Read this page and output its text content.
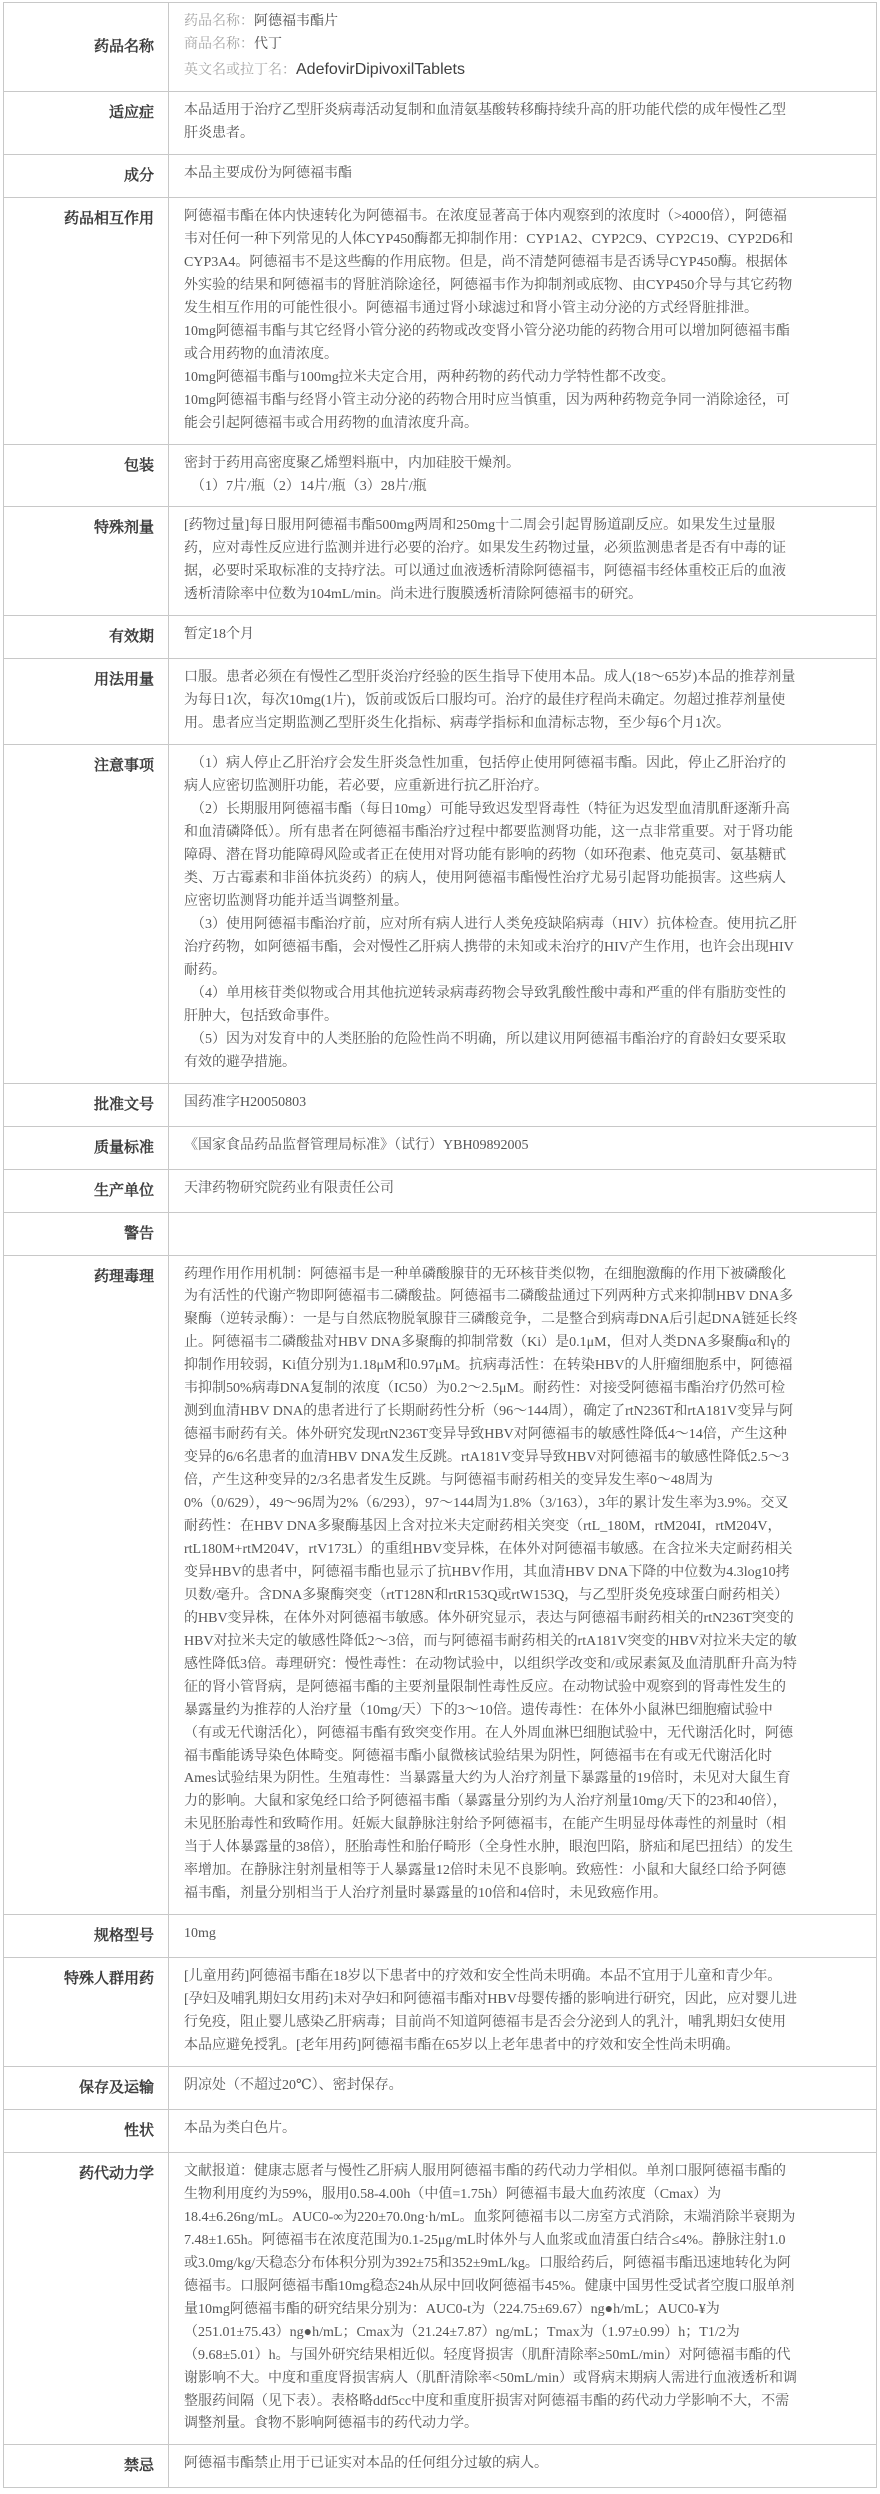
药品名称

药品名称：阿德福韦酯片

商品名称：代丁

英文名或拉丁名：AdefovirDipivoxilTablets

适应症 本品适用于治疗乙型肝炎病毒活动复制和血清氨基酸转移酶持续升高的肝功能代偿的成年慢性乙型肝炎患者。

成分 本品主要成份为阿德福韦酯

药品相互作用 阿德福韦酯在体内快速转化为阿德福韦。在浓度显著高于体内观察到的浓度时（>4000倍），阿德福韦对任何一种下列常见的人体CYP450酶都无抑制作用：CYP1A2、CYP2C9、CYP2C19、CYP2D6和CYP3A4。阿德福韦不是这些酶的作用底物。但是，尚不清楚阿德福韦是否诱导CYP450酶。根据体外实验的结果和阿德福韦的肾脏消除途径，阿德福韦作为抑制剂或底物、由CYP450介导与其它药物发生相互作用的可能性很小。阿德福韦通过肾小球滤过和肾小管主动分泌的方式经肾脏排泄。

10mg阿德福韦酯与其它经肾小管分泌的药物或改变肾小管分泌功能的药物合用可以增加阿德福韦酯或合用药物的血清浓度。

10mg阿德福韦酯与100mg拉米夫定合用，两种药物的药代动力学特性都不改变。

10mg阿德福韦酯与经肾小管主动分泌的药物合用时应当慎重，因为两种药物竞争同一消除途径，可能会引起阿德福韦或合用药物的血清浓度升高。

包装 密封于药用高密度聚乙烯塑料瓶中，内加硅胶干燥剂。

　（1）7片/瓶（2）14片/瓶（3）28片/瓶

特殊剂量 [药物过量]每日服用阿德福韦酯500mg两周和250mg十二周会引起胃肠道副反应。如果发生过量服药，应对毒性反应进行监测并进行必要的治疗。如果发生药物过量，必须监测患者是否有中毒的证据，必要时采取标准的支持疗法。可以通过血液透析清除阿德福韦，阿德福韦经体重校正后的血液透析清除率中位数为104mL/min。尚未进行腹膜透析清除阿德福韦的研究。

有效期 暂定18个月

用法用量 口服。患者必须在有慢性乙型肝炎治疗经验的医生指导下使用本品。成人(18～65岁)本品的推荐剂量为每日1次，每次10mg(1片)，饭前或饭后口服均可。治疗的最佳疗程尚未确定。勿超过推荐剂量使用。患者应当定期监测乙型肝炎生化指标、病毒学指标和血清标志物，至少每6个月1次。

注意事项 　（1）病人停止乙肝治疗会发生肝炎急性加重，包括停止使用阿德福韦酯。因此，停止乙肝治疗的病人应密切监测肝功能，若必要，应重新进行抗乙肝治疗。

　（2）长期服用阿德福韦酯（每日10mg）可能导致迟发型肾毒性（特征为迟发型血清肌酐逐渐升高和血清磷降低）。所有患者在阿德福韦酯治疗过程中都要监测肾功能，这一点非常重要。对于肾功能障碍、潜在肾功能障碍风险或者正在使用对肾功能有影响的药物（如环孢素、他克莫司、氨基糖甙类、万古霉素和非甾体抗炎药）的病人，使用阿德福韦酯慢性治疗尤易引起肾功能损害。这些病人应密切监测肾功能并适当调整剂量。

　（3）使用阿德福韦酯治疗前，应对所有病人进行人类免疫缺陷病毒（HIV）抗体检查。使用抗乙肝治疗药物，如阿德福韦酯，会对慢性乙肝病人携带的未知或未治疗的HIV产生作用，也许会出现HIV耐药。

　（4）单用核苷类似物或合用其他抗逆转录病毒药物会导致乳酸性酸中毒和严重的伴有脂肪变性的肝肿大，包括致命事件。

　（5）因为对发育中的人类胚胎的危险性尚不明确，所以建议用阿德福韦酯治疗的育龄妇女要采取有效的避孕措施。

批准文号 国药准字H20050803

质量标准 《国家食品药品监督管理局标准》（试行）YBH09892005

生产单位 天津药物研究院药业有限责任公司

警告
药理毒理 药理作用作用机制：阿德福韦是一种单磷酸腺苷的无环核苷类似物，在细胞激酶的作用下被磷酸化为有活性的代谢产物即阿德福韦二磷酸盐。阿德福韦二磷酸盐通过下列两种方式来抑制HBV DNA多聚酶（逆转录酶）：一是与自然底物脱氧腺苷三磷酸竞争，二是整合到病毒DNA后引起DNA链延长终止。阿德福韦二磷酸盐对HBV DNA多聚酶的抑制常数（Ki）是0.1μM，但对人类DNA多聚酶α和γ的抑制作用较弱，Ki值分别为1.18μM和0.97μM。抗病毒活性：在转染HBV的人肝瘤细胞系中，阿德福韦抑制50%病毒DNA复制的浓度（IC50）为0.2～2.5μM。耐药性：对接受阿德福韦酯治疗仍然可检测到血清HBV DNA的患者进行了长期耐药性分析（96～144周），确定了rtN236T和rtA181V变异与阿德福韦耐药有关。体外研究发现rtN236T变异导致HBV对阿德福韦的敏感性降低4～14倍，产生这种变异的6/6名患者的血清HBV DNA发生反跳。rtA181V变异导致HBV对阿德福韦的敏感性降低2.5～3倍，产生这种变异的2/3名患者发生反跳。与阿德福韦耐药相关的变异发生率0～48周为0%（0/629），49～96周为2%（6/293），97～144周为1.8%（3/163），3年的累计发生率为3.9%。交叉耐药性：在HBV DNA多聚酶基因上含对拉米夫定耐药相关突变（rtL_180M，rtM204I，rtM204V，rtL180M+rtM204V，rtV173L）的重组HBV变异株，在体外对阿德福韦敏感。在含拉米夫定耐药相关变异HBV的患者中，阿德福韦酯也显示了抗HBV作用，其血清HBV DNA下降的中位数为4.3log10拷贝数/毫升。含DNA多聚酶突变（rtT128N和rtR153Q或rtW153Q，与乙型肝炎免疫球蛋白耐药相关）的HBV变异株，在体外对阿德福韦敏感。体外研究显示，表达与阿德福韦耐药相关的rtN236T突变的HBV对拉米夫定的敏感性降低2～3倍，而与阿德福韦耐药相关的rtA181V突变的HBV对拉米夫定的敏感性降低3倍。毒理研究：慢性毒性：在动物试验中，以组织学改变和/或尿素氮及血清肌酐升高为特征的肾小管肾病，是阿德福韦酯的主要剂量限制性毒性反应。在动物试验中观察到的肾毒性发生的暴露量约为推荐的人治疗量（10mg/天）下的3～10倍。遗传毒性：在体外小鼠淋巴细胞瘤试验中（有或无代谢活化），阿德福韦酯有致突变作用。在人外周血淋巴细胞试验中，无代谢活化时，阿德福韦酯能诱导染色体畸变。阿德福韦酯小鼠微核试验结果为阴性，阿德福韦在有或无代谢活化时Ames试验结果为阴性。生殖毒性：当暴露量大约为人治疗剂量下暴露量的19倍时，未见对大鼠生育力的影响。大鼠和家兔经口给予阿德福韦酯（暴露量分别约为人治疗剂量10mg/天下的23和40倍），未见胚胎毒性和致畸作用。妊娠大鼠静脉注射给予阿德福韦，在能产生明显母体毒性的剂量时（相当于人体暴露量的38倍），胚胎毒性和胎仔畸形（全身性水肿，眼泡凹陷，脐疝和尾巴扭结）的发生率增加。在静脉注射剂量相等于人暴露量12倍时未见不良影响。致癌性：小鼠和大鼠经口给予阿德福韦酯，剂量分别相当于人治疗剂量时暴露量的10倍和4倍时，未见致癌作用。

规格型号 10mg

特殊人群用药 [儿童用药]阿德福韦酯在18岁以下患者中的疗效和安全性尚未明确。本品不宜用于儿童和青少年。[孕妇及哺乳期妇女用药]未对孕妇和阿德福韦酯对HBV母婴传播的影响进行研究，因此，应对婴儿进行免疫，阻止婴儿感染乙肝病毒；目前尚不知道阿德福韦是否会分泌到人的乳汁，哺乳期妇女使用本品应避免授乳。[老年用药]阿德福韦酯在65岁以上老年患者中的疗效和安全性尚未明确。

保存及运输 阴凉处（不超过20℃）、密封保存。

性状 本品为类白色片。

药代动力学 文献报道：健康志愿者与慢性乙肝病人服用阿德福韦酯的药代动力学相似。单剂口服阿德福韦酯的生物利用度约为59%，服用0.58-4.00h（中值=1.75h）阿德福韦最大血药浓度（Cmax）为18.4±6.26ng/mL。AUC0-∞为220±70.0ng·h/mL。血浆阿德福韦以二房室方式消除，末端消除半衰期为7.48±1.65h。阿德福韦在浓度范围为0.1-25μg/mL时体外与人血浆或血清蛋白结合≤4%。静脉注射1.0或3.0mg/kg/天稳态分布体积分别为392±75和352±9mL/kg。口服给药后，阿德福韦酯迅速地转化为阿德福韦。口服阿德福韦酯10mg稳态24h从尿中回收阿德福韦45%。健康中国男性受试者空腹口服单剂量10mg阿德福韦酯的研究结果分别为：AUC0-t为（224.75±69.67）ng●h/mL；AUC0-¥为（251.01±75.43）ng●h/mL；Cmax为（21.24±7.87）ng/mL；Tmax为（1.97±0.99）h；T1/2为（9.68±5.01）h。与国外研究结果相近似。轻度肾损害（肌酐清除率≥50mL/min）对阿德福韦酯的代谢影响不大。中度和重度肾损害病人（肌酐清除率<50mL/min）或肾病末期病人需进行血液透析和调整服药间隔（见下表）。表格略ddf5cc中度和重度肝损害对阿德福韦酯的药代动力学影响不大，不需调整剂量。食物不影响阿德福韦的药代动力学。

禁忌 阿德福韦酯禁止用于已证实对本品的任何组分过敏的病人。
